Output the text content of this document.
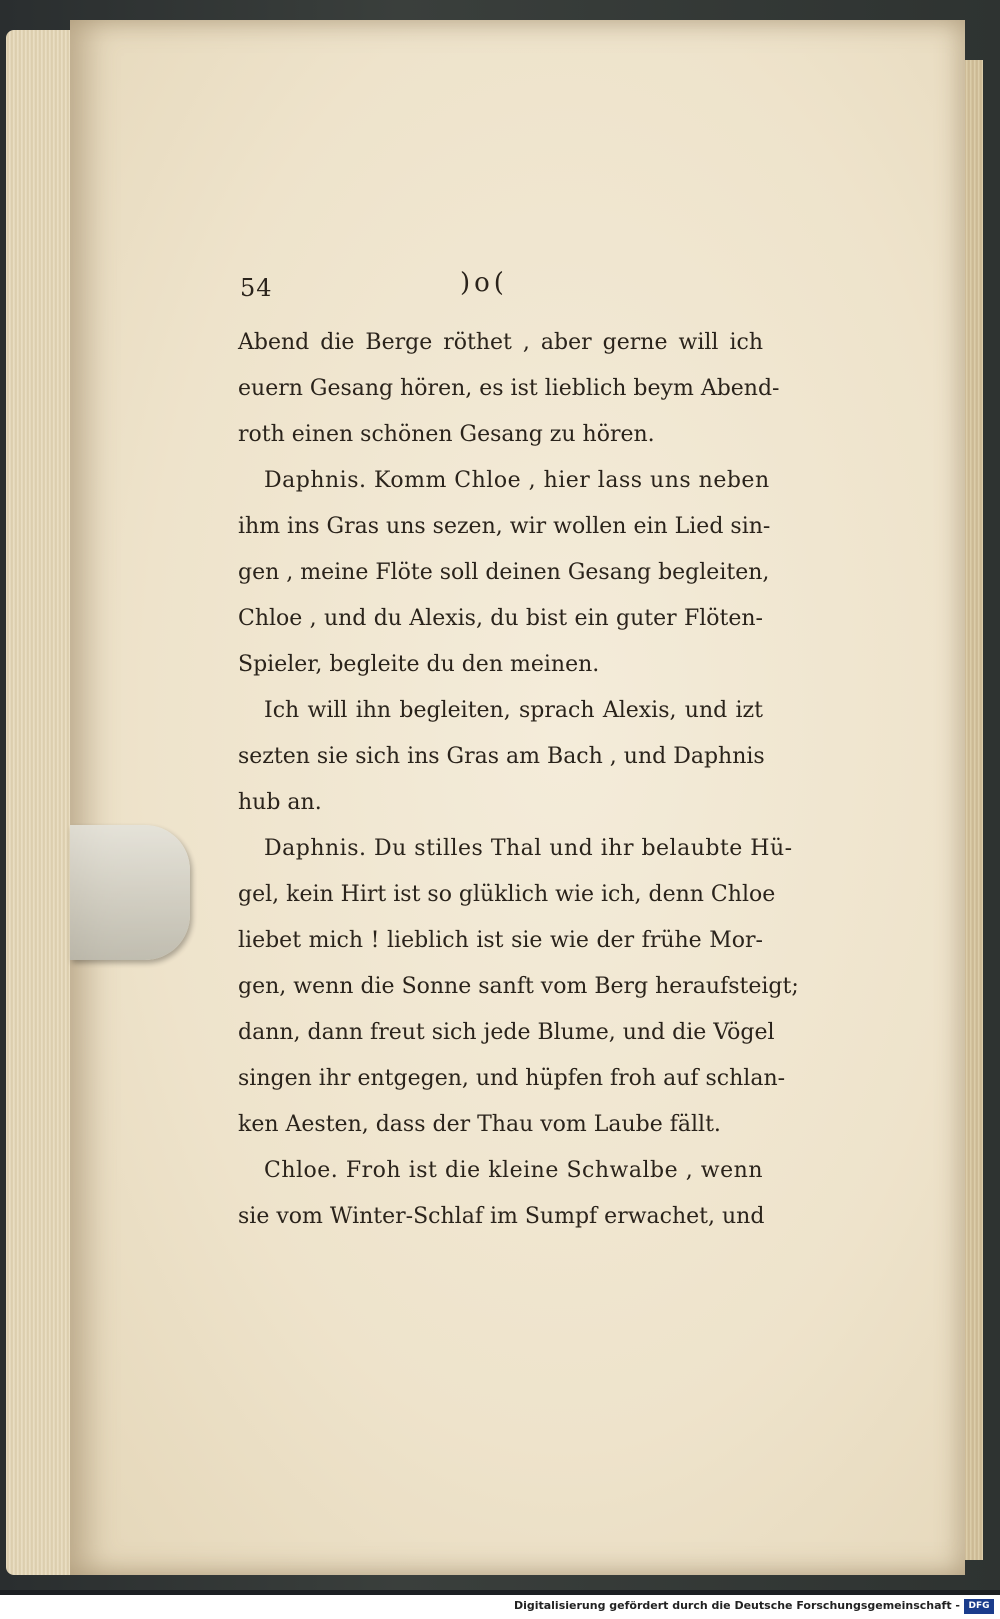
54	)o(
Abend die Berge röthet , aber gerne will ich
euern Gesang hören, es ist lieblich beym Abend-
roth einen schönen Gesang zu hören.
Daphnis. Komm Chloe , hier lass uns neben
ihm ins Gras uns sezen, wir wollen ein Lied sin-
gen , meine Flöte soll deinen Gesang begleiten,
Chloe , und du Alexis, du bist ein guter Flöten-
Spieler, begleite du den meinen.
Ich will ihn begleiten, sprach Alexis, und izt
sezten sie sich ins Gras am Bach , und Daphnis
hub an.
Daphnis. Du stilles Thal und ihr belaubte Hü-
gel, kein Hirt ist so glüklich wie ich, denn Chloe
liebet mich ! lieblich ist sie wie der frühe Mor-
gen, wenn die Sonne sanft vom Berg heraufsteigt;
dann, dann freut sich jede Blume, und die Vögel
singen ihr entgegen, und hüpfen froh auf schlan-
ken Aesten, dass der Thau vom Laube fällt.
Chloe. Froh ist die kleine Schwalbe , wenn
sie vom Winter-Schlaf im Sumpf erwachet, und
Digitalisierung gefördert durch die Deutsche Forschungsgemeinschaft - DFG
